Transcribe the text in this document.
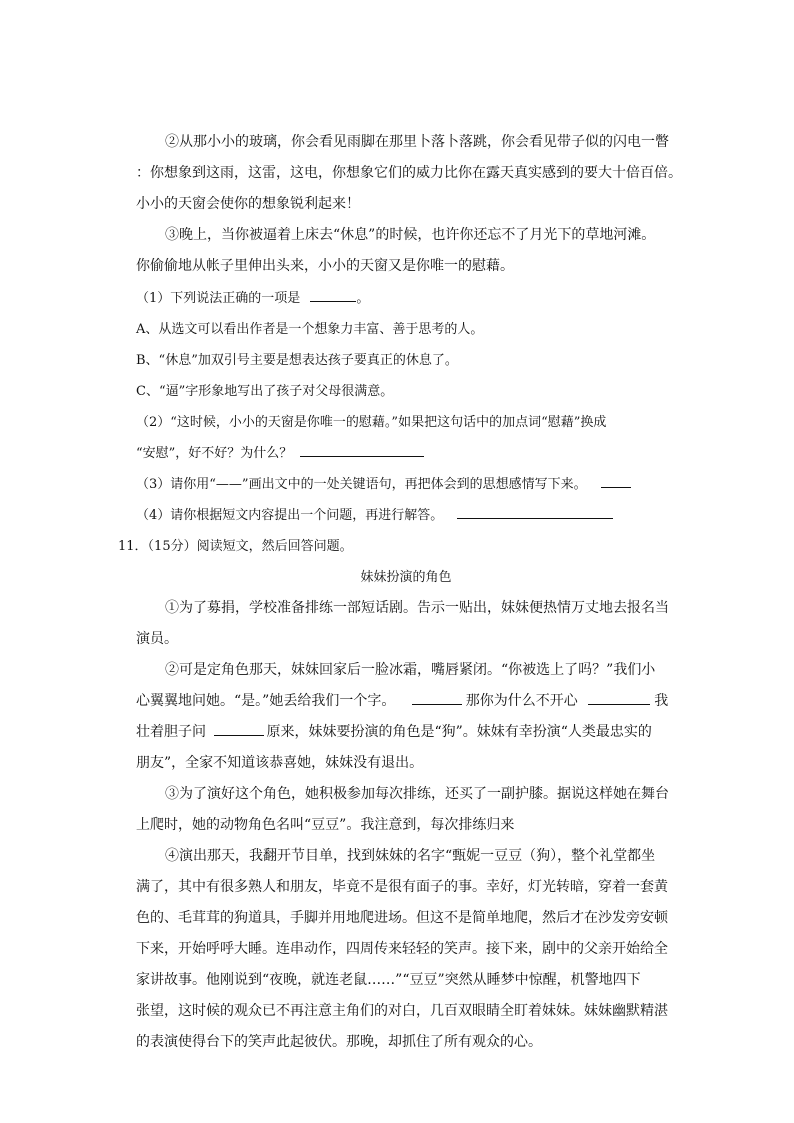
②从那小小的玻璃，你会看见雨脚在那里卜落卜落跳，你会看见带子似的闪电一瞥
：你想象到这雨，这雷，这电，你想象它们的威力比你在露天真实感到的要大十倍百倍。
小小的天窗会使你的想象锐利起来！
③晚上，当你被逼着上床去“休息”的时候，也许你还忘不了月光下的草地河滩。
你偷偷地从帐子里伸出头来，小小的天窗又是你唯一的慰藉。
（1）下列说法正确的一项是	。
A、从选文可以看出作者是一个想象力丰富、善于思考的人。
B、“休息”加双引号主要是想表达孩子要真正的休息了。
C、“逼”字形象地写出了孩子对父母很满意。
（2）“这时候，小小的天窗是你唯一的慰藉。”如果把这句话中的加点词“慰藉”换成
“安慰”，好不好？为什么？
（3）请你用“——”画出文中的一处关键语句，再把体会到的思想感情写下来。
（4）请你根据短文内容提出一个问题，再进行解答。
11．（15分）阅读短文，然后回答问题。
妹妹扮演的角色
①为了募捐，学校准备排练一部短话剧。告示一贴出，妹妹便热情万丈地去报名当
演员。
②可是定角色那天，妹妹回家后一脸冰霜，嘴唇紧闭。“你被选上了吗？”我们小
心翼翼地问她。“是。”她丢给我们一个字。	那你为什么不开心	我
壮着胆子问	原来，妹妹要扮演的角色是“狗”。妹妹有幸扮演“人类最忠实的
朋友”，全家不知道该恭喜她，妹妹没有退出。
③为了演好这个角色，她积极参加每次排练，还买了一副护膝。据说这样她在舞台
上爬时，她的动物角色名叫“豆豆”。我注意到，每次排练归来
④演出那天，我翻开节目单，找到妹妹的名字“甄妮一豆豆（狗），整个礼堂都坐
满了，其中有很多熟人和朋友，毕竟不是很有面子的事。幸好，灯光转暗，穿着一套黄
色的、毛茸茸的狗道具，手脚并用地爬进场。但这不是简单地爬，然后才在沙发旁安顿
下来，开始呼呼大睡。连串动作，四周传来轻轻的笑声。接下来，剧中的父亲开始给全
家讲故事。他刚说到“夜晚，就连老鼠……”“豆豆”突然从睡梦中惊醒，机警地四下
张望，这时候的观众已不再注意主角们的对白，几百双眼睛全盯着妹妹。妹妹幽默精湛
的表演使得台下的笑声此起彼伏。那晚，却抓住了所有观众的心。
